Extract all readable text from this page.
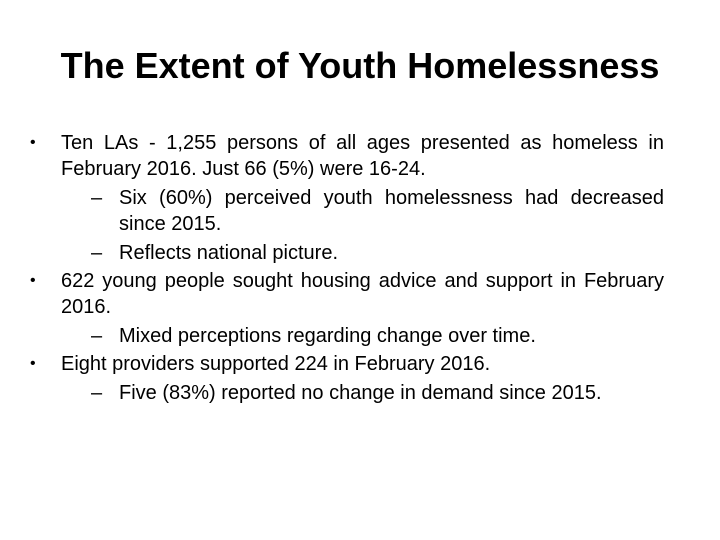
The Extent of Youth Homelessness
• Ten LAs - 1,255 persons of all ages presented as homeless in February 2016. Just 66 (5%) were 16-24.
– Six (60%) perceived youth homelessness had decreased since 2015.
– Reflects national picture.
• 622 young people sought housing advice and support in February 2016.
– Mixed perceptions regarding change over time.
• Eight providers supported 224 in February 2016.
– Five (83%) reported no change in demand since 2015.
